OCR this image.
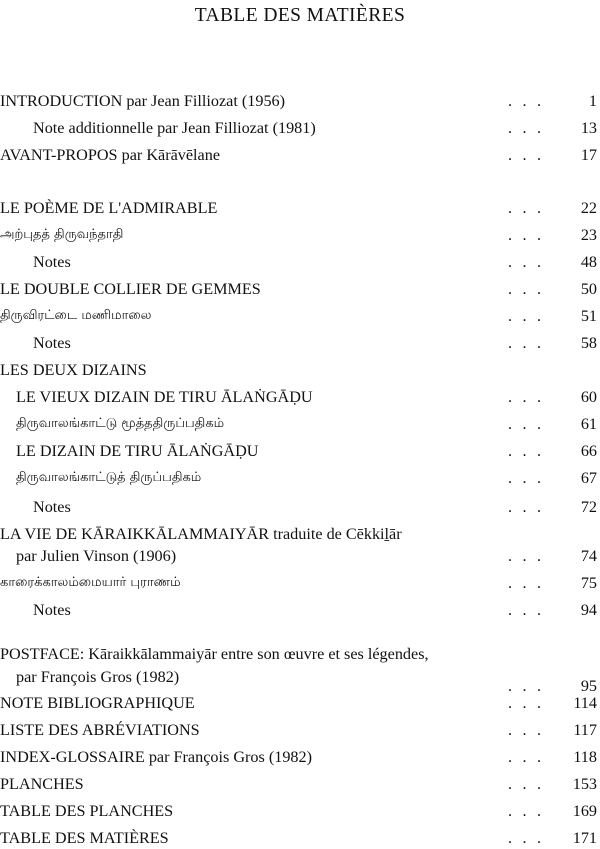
TABLE DES MATIÈRES
INTRODUCTION par Jean Filliozat (1956)	. . .	1
Note additionnelle par Jean Filliozat (1981)	. . . 13
AVANT-PROPOS par Kārāvēlane	. . . 17
LE POÈME DE L'ADMIRABLE	. . . 22
அற்புதத் திருவந்தாதி	. . . 23
Notes	. . . 48
LE DOUBLE COLLIER DE GEMMES	. . . 50
திருவிரட்டை மணிமாலை	. . . 51
Notes	. . . 58
LES DEUX DIZAINS
LE VIEUX DIZAIN DE TIRU ĀLAṄGĀḌU	. . . 60
திருவாலங்காட்டு மூத்ததிருப்பதிகம்	. . . 61
LE DIZAIN DE TIRU ĀLAṄGĀḌU	. . . 66
திருவாலங்காட்டுத் திருப்பதிகம்	. . . 67
Notes	. . . 72
LA VIE DE KĀRAIKKĀLAMMAIYĀR traduite de Cēkkiḻār
par Julien Vinson (1906)	. . . 74
காரைக்காலம்மையார் புராணம்	. . . 75
Notes	. . . 94
POSTFACE: Kāraikkālammaiyār entre son œuvre et ses légendes,
par François Gros (1982)	. . . 95
NOTE BIBLIOGRAPHIQUE	. . . 114
LISTE DES ABRÉVIATIONS	. . . 117
INDEX-GLOSSAIRE par François Gros (1982)	. . . 118
PLANCHES	. . . 153
TABLE DES PLANCHES	. . . 169
TABLE DES MATIÈRES	. . . 171
